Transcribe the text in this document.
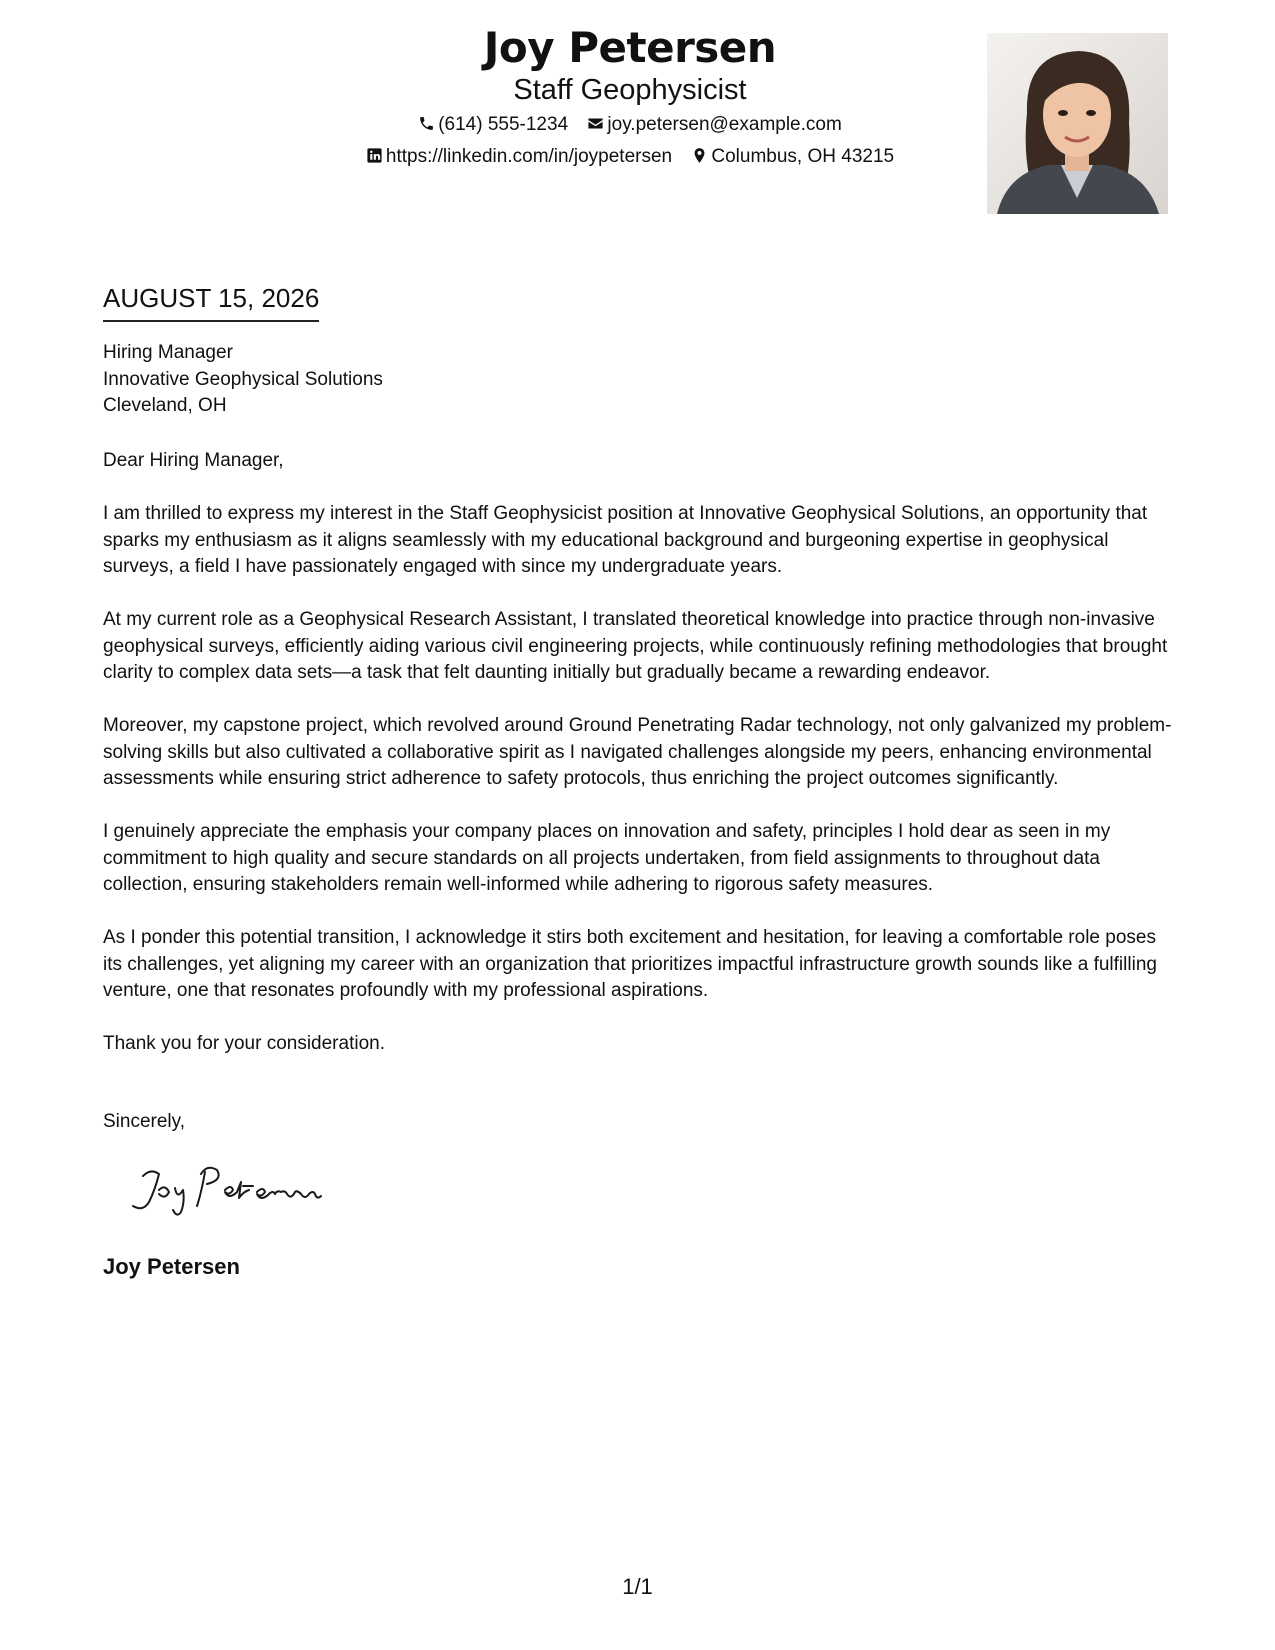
Joy Petersen
Staff Geophysicist
(614) 555-1234 joy.petersen@example.com
https://linkedin.com/in/joypetersen Columbus, OH 43215
AUGUST 15, 2026
Hiring Manager
Innovative Geophysical Solutions
Cleveland, OH

Dear Hiring Manager,

I am thrilled to express my interest in the Staff Geophysicist position at Innovative Geophysical Solutions, an opportunity that sparks my enthusiasm as it aligns seamlessly with my educational background and burgeoning expertise in geophysical surveys, a field I have passionately engaged with since my undergraduate years.

At my current role as a Geophysical Research Assistant, I translated theoretical knowledge into practice through non-invasive geophysical surveys, efficiently aiding various civil engineering projects, while continuously refining methodologies that brought clarity to complex data sets—a task that felt daunting initially but gradually became a rewarding endeavor.

Moreover, my capstone project, which revolved around Ground Penetrating Radar technology, not only galvanized my problem-solving skills but also cultivated a collaborative spirit as I navigated challenges alongside my peers, enhancing environmental assessments while ensuring strict adherence to safety protocols, thus enriching the project outcomes significantly.

I genuinely appreciate the emphasis your company places on innovation and safety, principles I hold dear as seen in my commitment to high quality and secure standards on all projects undertaken, from field assignments to throughout data collection, ensuring stakeholders remain well-informed while adhering to rigorous safety measures.

As I ponder this potential transition, I acknowledge it stirs both excitement and hesitation, for leaving a comfortable role poses its challenges, yet aligning my career with an organization that prioritizes impactful infrastructure growth sounds like a fulfilling venture, one that resonates profoundly with my professional aspirations.

Thank you for your consideration.

Sincerely,
Joy Petersen
1/1
